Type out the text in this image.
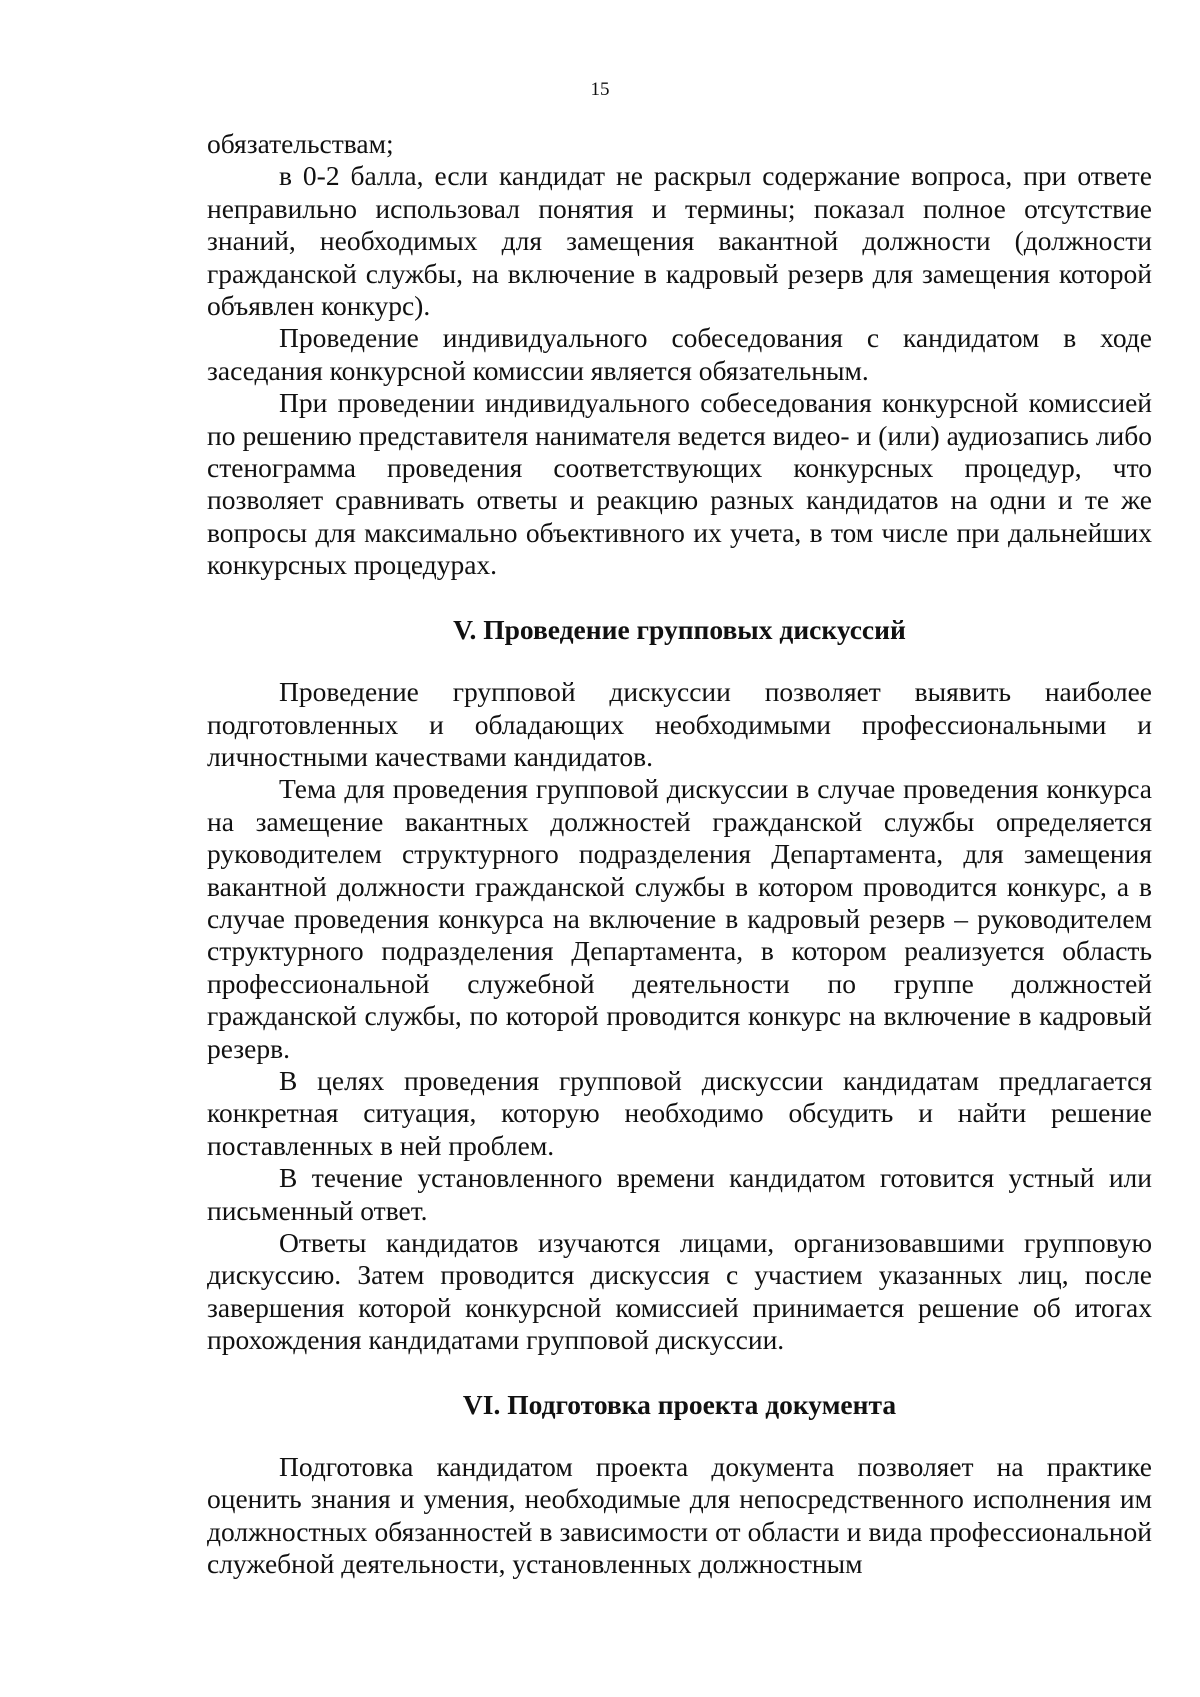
15

обязательствам;

в 0-2 балла, если кандидат не раскрыл содержание вопроса, при ответе неправильно использовал понятия и термины; показал полное отсутствие знаний, необходимых для замещения вакантной должности (должности гражданской службы, на включение в кадровый резерв для замещения которой объявлен конкурс).

Проведение индивидуального собеседования с кандидатом в ходе заседания конкурсной комиссии является обязательным.

При проведении индивидуального собеседования конкурсной комиссией по решению представителя нанимателя ведется видео- и (или) аудиозапись либо стенограмма проведения соответствующих конкурсных процедур, что позволяет сравнивать ответы и реакцию разных кандидатов на одни и те же вопросы для максимально объективного их учета, в том числе при дальнейших конкурсных процедурах.

V. Проведение групповых дискуссий

Проведение групповой дискуссии позволяет выявить наиболее подготовленных и обладающих необходимыми профессиональными и личностными качествами кандидатов.

Тема для проведения групповой дискуссии в случае проведения конкурса на замещение вакантных должностей гражданской службы определяется руководителем структурного подразделения Департамента, для замещения вакантной должности гражданской службы в котором проводится конкурс, а в случае проведения конкурса на включение в кадровый резерв – руководителем структурного подразделения Департамента, в котором реализуется область профессиональной служебной деятельности по группе должностей гражданской службы, по которой проводится конкурс на включение в кадровый резерв.

В целях проведения групповой дискуссии кандидатам предлагается конкретная ситуация, которую необходимо обсудить и найти решение поставленных в ней проблем.

В течение установленного времени кандидатом готовится устный или письменный ответ.

Ответы кандидатов изучаются лицами, организовавшими групповую дискуссию. Затем проводится дискуссия с участием указанных лиц, после завершения которой конкурсной комиссией принимается решение об итогах прохождения кандидатами групповой дискуссии.

VI. Подготовка проекта документа

Подготовка кандидатом проекта документа позволяет на практике оценить знания и умения, необходимые для непосредственного исполнения им должностных обязанностей в зависимости от области и вида профессиональной служебной деятельности, установленных должностным
